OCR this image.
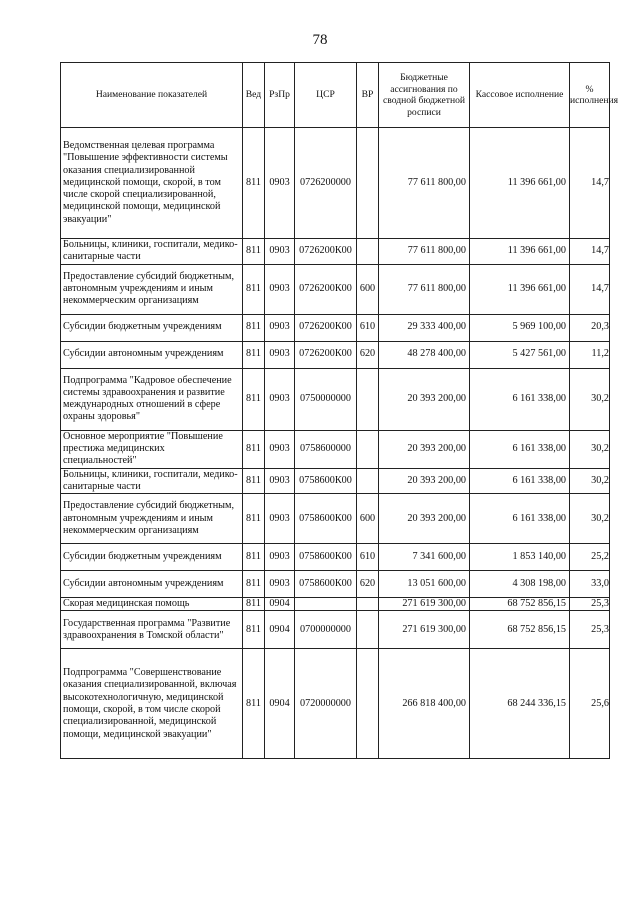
78
Наименование показателей	Вед	РзПр	ЦСР	ВР	Бюджетные ассигнования по сводной бюджетной росписи	Кассовое исполнение	% исполнения
Ведомственная целевая программа "Повышение эффективности системы оказания специализированной медицинской помощи, скорой, в том числе скорой специализированной, медицинской помощи, медицинской эвакуации"	811	0903	0726200000		77 611 800,00	11 396 661,00	14,7
Больницы, клиники, госпитали, медико-санитарные части	811	0903	0726200К00		77 611 800,00	11 396 661,00	14,7
Предоставление субсидий бюджетным, автономным учреждениям и иным некоммерческим организациям	811	0903	0726200К00	600	77 611 800,00	11 396 661,00	14,7
Субсидии бюджетным учреждениям	811	0903	0726200К00	610	29 333 400,00	5 969 100,00	20,3
Субсидии автономным учреждениям	811	0903	0726200К00	620	48 278 400,00	5 427 561,00	11,2
Подпрограмма "Кадровое обеспечение системы здравоохранения и развитие международных отношений в сфере охраны здоровья"	811	0903	0750000000		20 393 200,00	6 161 338,00	30,2
Основное мероприятие "Повышение престижа медицинских специальностей"	811	0903	0758600000		20 393 200,00	6 161 338,00	30,2
Больницы, клиники, госпитали, медико-санитарные части	811	0903	0758600К00		20 393 200,00	6 161 338,00	30,2
Предоставление субсидий бюджетным, автономным учреждениям и иным некоммерческим организациям	811	0903	0758600К00	600	20 393 200,00	6 161 338,00	30,2
Субсидии бюджетным учреждениям	811	0903	0758600К00	610	7 341 600,00	1 853 140,00	25,2
Субсидии автономным учреждениям	811	0903	0758600К00	620	13 051 600,00	4 308 198,00	33,0
Скорая медицинская помощь	811	0904			271 619 300,00	68 752 856,15	25,3
Государственная программа "Развитие здравоохранения в Томской области"	811	0904	0700000000		271 619 300,00	68 752 856,15	25,3
Подпрограмма "Совершенствование оказания специализированной, включая высокотехнологичную, медицинской помощи, скорой, в том числе скорой специализированной, медицинской помощи, медицинской эвакуации"	811	0904	0720000000		266 818 400,00	68 244 336,15	25,6
